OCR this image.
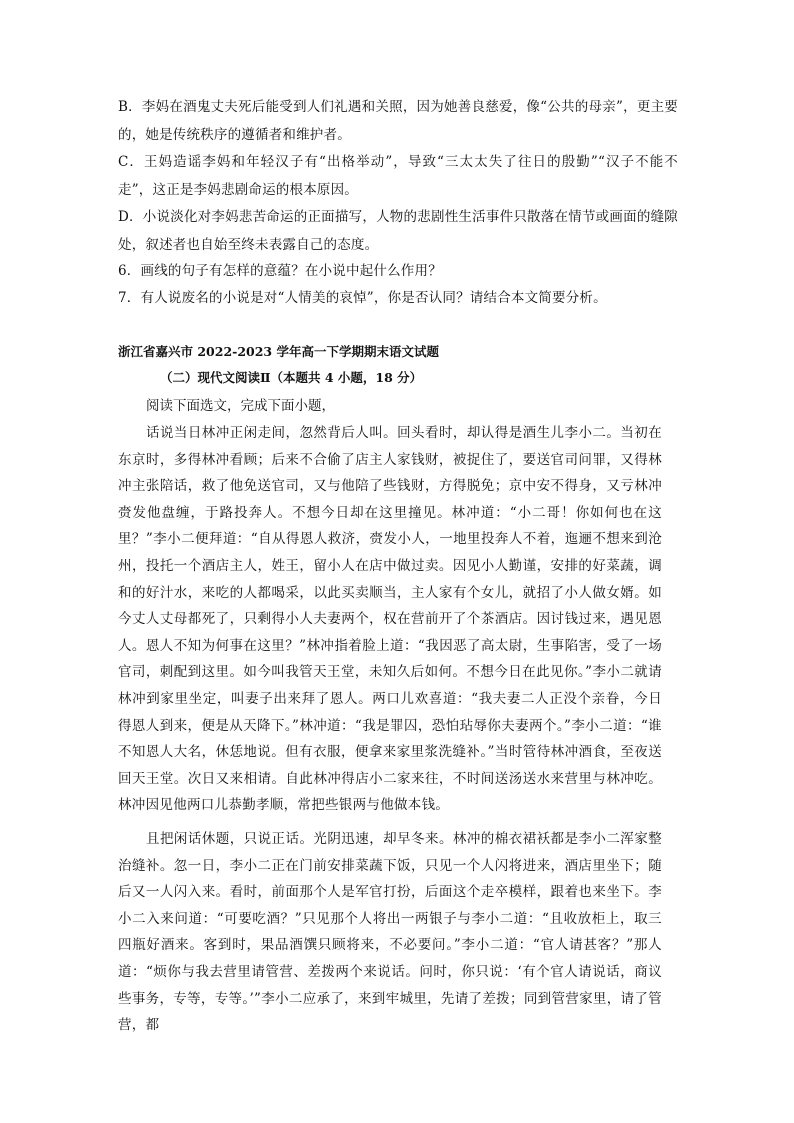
B．李妈在酒鬼丈夫死后能受到人们礼遇和关照，因为她善良慈爱，像“公共的母亲”，更主要的，她是传统秩序的遵循者和维护者。
C．王妈造谣李妈和年轻汉子有“出格举动”，导致“三太太失了往日的殷勤”“汉子不能不走”，这正是李妈悲剧命运的根本原因。
D．小说淡化对李妈悲苦命运的正面描写，人物的悲剧性生活事件只散落在情节或画面的缝隙处，叙述者也自始至终未表露自己的态度。
6．画线的句子有怎样的意蕴？在小说中起什么作用？
7．有人说废名的小说是对“人情美的哀悼”，你是否认同？请结合本文简要分析。
浙江省嘉兴市 2022-2023 学年高一下学期期末语文试题
（二）现代文阅读Ⅱ（本题共 4 小题，18 分）
阅读下面选文，完成下面小题，
话说当日林冲正闲走间，忽然背后人叫。回头看时，却认得是酒生儿李小二。当初在东京时，多得林冲看顾；后来不合偷了店主人家钱财，被捉住了，要送官司问罪，又得林冲主张陪话，救了他免送官司，又与他陪了些钱财，方得脱免；京中安不得身，又亏林冲赍发他盘缠，于路投奔人。不想今日却在这里撞见。林冲道：“小二哥！你如何也在这里？”李小二便拜道：“自从得恩人救济，赍发小人，一地里投奔人不着，迤逦不想来到沧州，投托一个酒店主人，姓王，留小人在店中做过卖。因见小人勤谨，安排的好菜蔬，调和的好汁水，来吃的人都喝采，以此买卖顺当，主人家有个女儿，就招了小人做女婿。如今丈人丈母都死了，只剩得小人夫妻两个，权在营前开了个茶酒店。因讨钱过来，遇见恩人。恩人不知为何事在这里？”林冲指着脸上道：“我因恶了高太尉，生事陷害，受了一场官司，刺配到这里。如今叫我管天王堂，未知久后如何。不想今日在此见你。”李小二就请林冲到家里坐定，叫妻子出来拜了恩人。两口儿欢喜道：“我夫妻二人正没个亲眷，今日得恩人到来，便是从天降下。”林冲道：“我是罪囚，恐怕玷辱你夫妻两个。”李小二道：“谁不知恩人大名，休恁地说。但有衣服，便拿来家里浆洗缝补。”当时管待林冲酒食，至夜送回天王堂。次日又来相请。自此林冲得店小二家来往，不时间送汤送水来营里与林冲吃。林冲因见他两口儿恭勤孝顺，常把些银两与他做本钱。
且把闲话休题，只说正话。光阴迅速，却早冬来。林冲的棉衣裙袄都是李小二浑家整治缝补。忽一日，李小二正在门前安排菜蔬下饭，只见一个人闪将进来，酒店里坐下；随后又一人闪入来。看时，前面那个人是军官打扮，后面这个走卒模样，跟着也来坐下。李小二入来问道：“可要吃酒？”只见那个人将出一两银子与李小二道：“且收放柜上，取三四瓶好酒来。客到时，果品酒馔只顾将来，不必要问。”李小二道：“官人请甚客？”那人道：“烦你与我去营里请管营、差拨两个来说话。问时，你只说：‘有个官人请说话，商议些事务，专等，专等。’”李小二应承了，来到牢城里，先请了差拨；同到管营家里，请了管营，都
